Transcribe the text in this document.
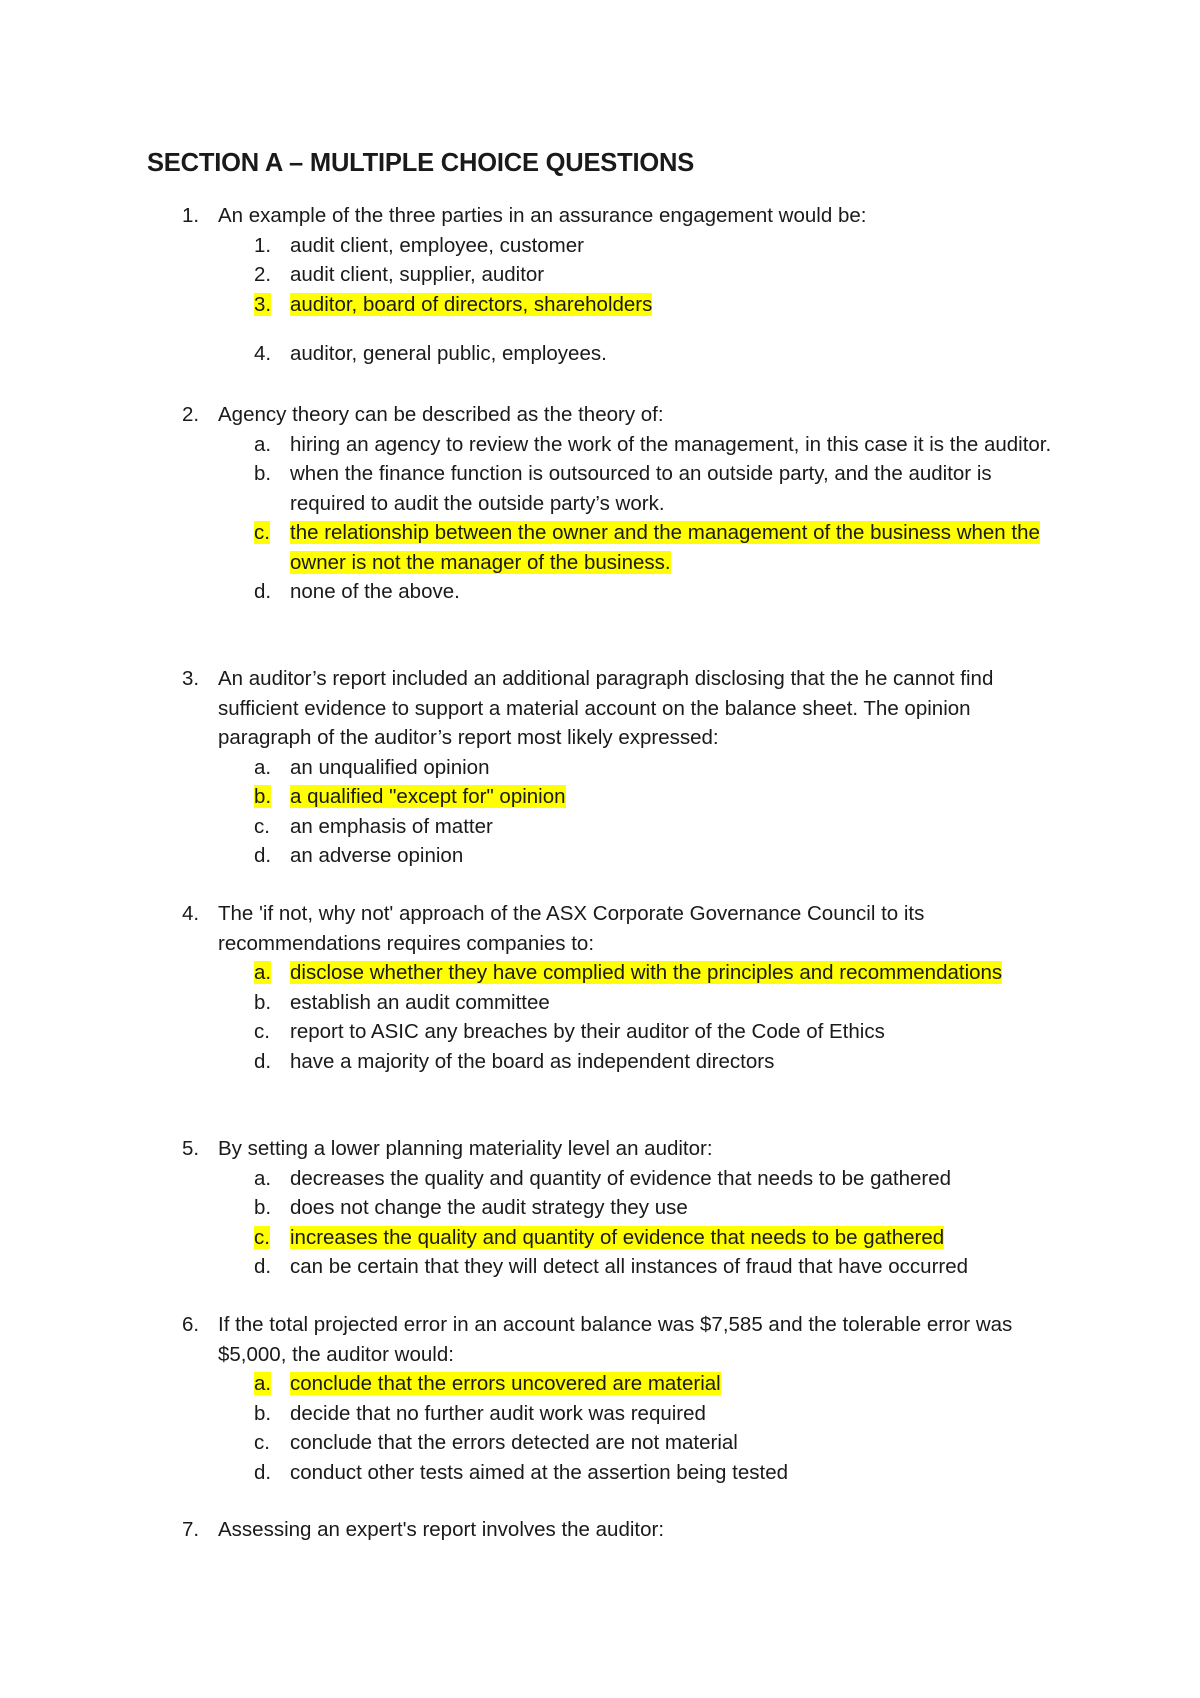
SECTION A – MULTIPLE CHOICE QUESTIONS
1. An example of the three parties in an assurance engagement would be:
1. audit client, employee, customer
2. audit client, supplier, auditor
3. auditor, board of directors, shareholders
4. auditor, general public, employees.
2. Agency theory can be described as the theory of:
a. hiring an agency to review the work of the management, in this case it is the auditor.
b. when the finance function is outsourced to an outside party, and the auditor is required to audit the outside party’s work.
c. the relationship between the owner and the management of the business when the owner is not the manager of the business.
d. none of the above.
3. An auditor’s report included an additional paragraph disclosing that the he cannot find sufficient evidence to support a material account on the balance sheet. The opinion paragraph of the auditor’s report most likely expressed:
a. an unqualified opinion
b. a qualified "except for" opinion
c. an emphasis of matter
d. an adverse opinion
4. The 'if not, why not' approach of the ASX Corporate Governance Council to its recommendations requires companies to:
a. disclose whether they have complied with the principles and recommendations
b. establish an audit committee
c. report to ASIC any breaches by their auditor of the Code of Ethics
d. have a majority of the board as independent directors
5. By setting a lower planning materiality level an auditor:
a. decreases the quality and quantity of evidence that needs to be gathered
b. does not change the audit strategy they use
c. increases the quality and quantity of evidence that needs to be gathered
d. can be certain that they will detect all instances of fraud that have occurred
6. If the total projected error in an account balance was $7,585 and the tolerable error was $5,000, the auditor would:
a. conclude that the errors uncovered are material
b. decide that no further audit work was required
c. conclude that the errors detected are not material
d. conduct other tests aimed at the assertion being tested
7. Assessing an expert's report involves the auditor:
